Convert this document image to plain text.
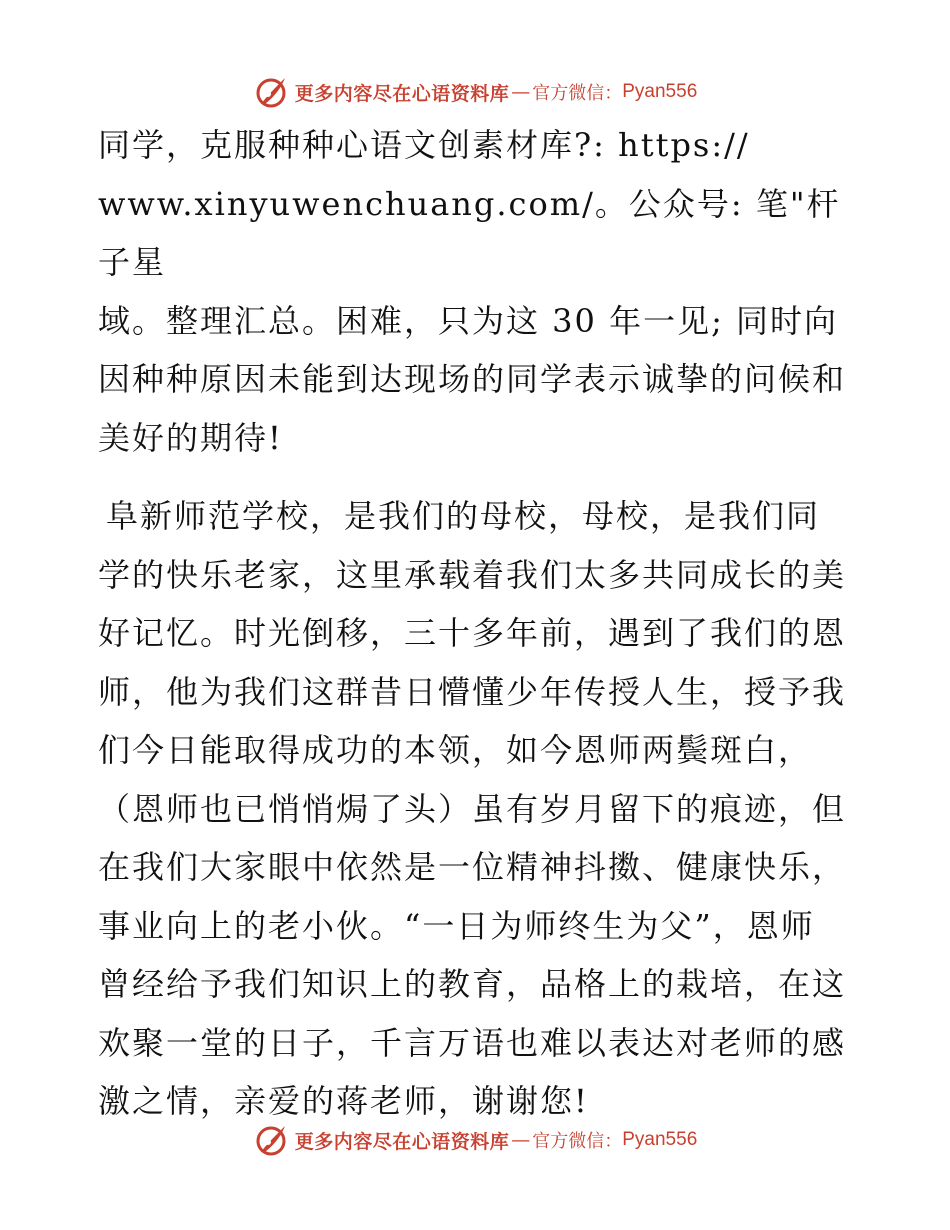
更多内容尽在心语资料库 — 官方微信： Pyan556

同学，克服种种心语文创素材库?: https://
www.xinyuwenchuang.com/。公众号: 笔"杆子星
域。整理汇总。困难，只为这 30 年一见; 同时向
因种种原因未能到达现场的同学表示诚挚的问候和
美好的期待!

阜新师范学校，是我们的母校，母校，是我们同
学的快乐老家，这里承载着我们太多共同成长的美
好记忆。时光倒移，三十多年前，遇到了我们的恩
师，他为我们这群昔日懵懂少年传授人生，授予我
们今日能取得成功的本领，如今恩师两鬓斑白，
（恩师也已悄悄焗了头）虽有岁月留下的痕迹，但
在我们大家眼中依然是一位精神抖擞、健康快乐，
事业向上的老小伙。“一日为师终生为父”，恩师
曾经给予我们知识上的教育，品格上的栽培，在这
欢聚一堂的日子，千言万语也难以表达对老师的感
激之情，亲爱的蒋老师，谢谢您!

更多内容尽在心语资料库 — 官方微信： Pyan556
